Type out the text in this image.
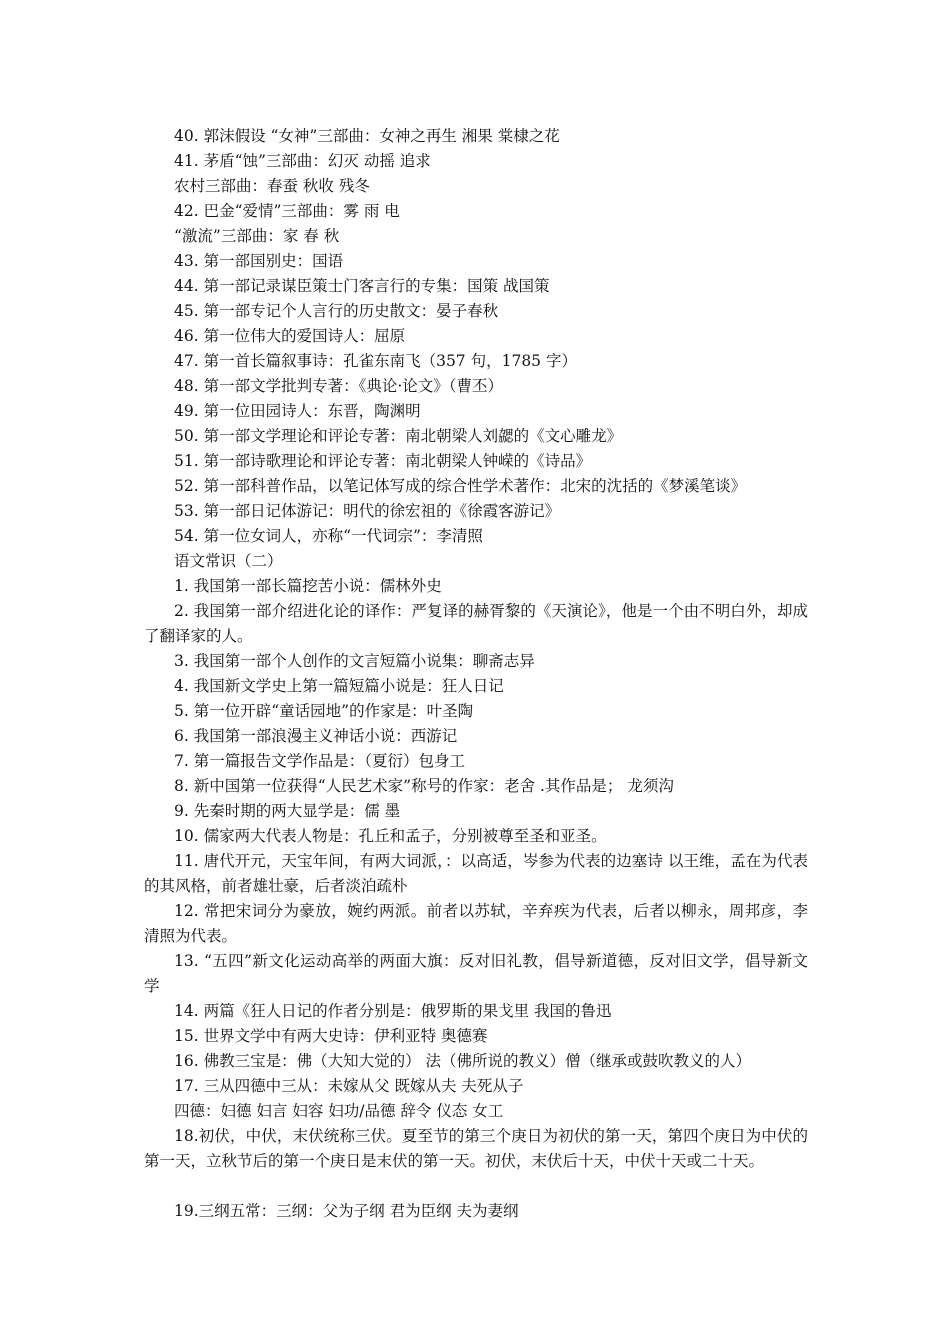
40. 郭沫假设 “女神”三部曲：女神之再生 湘果 棠棣之花
41. 茅盾“蚀”三部曲：幻灭 动摇 追求
农村三部曲：春蚕 秋收 残冬
42. 巴金“爱情”三部曲：雾 雨 电
“激流”三部曲：家 春 秋
43. 第一部国别史：国语
44. 第一部记录谋臣策士门客言行的专集：国策 战国策
45. 第一部专记个人言行的历史散文：晏子春秋
46. 第一位伟大的爱国诗人：屈原
47. 第一首长篇叙事诗：孔雀东南飞（357 句，1785 字）
48. 第一部文学批判专著：《典论·论文》（曹丕）
49. 第一位田园诗人：东晋，陶渊明
50. 第一部文学理论和评论专著：南北朝梁人刘勰的《文心雕龙》
51. 第一部诗歌理论和评论专著：南北朝梁人钟嵘的《诗品》
52. 第一部科普作品，以笔记体写成的综合性学术著作：北宋的沈括的《梦溪笔谈》
53. 第一部日记体游记：明代的徐宏祖的《徐霞客游记》
54. 第一位女词人，亦称“一代词宗”：李清照
语文常识（二）
1. 我国第一部长篇挖苦小说：儒林外史
2. 我国第一部介绍进化论的译作：严复译的赫胥黎的《天演论》，他是一个由不明白外，却成了翻译家的人。
3. 我国第一部个人创作的文言短篇小说集：聊斋志异
4. 我国新文学史上第一篇短篇小说是：狂人日记
5. 第一位开辟“童话园地”的作家是：叶圣陶
6. 我国第一部浪漫主义神话小说：西游记
7. 第一篇报告文学作品是：（夏衍）包身工
8. 新中国第一位获得“人民艺术家”称号的作家：老舍 .其作品是； 龙须沟
9. 先秦时期的两大显学是：儒 墨
10. 儒家两大代表人物是：孔丘和孟子，分别被尊至圣和亚圣。
11. 唐代开元，天宝年间，有两大词派，：以高适，岑参为代表的边塞诗 以王维，孟在为代表的其风格，前者雄壮豪，后者淡泊疏朴
12. 常把宋词分为豪放，婉约两派。前者以苏轼，辛弃疾为代表，后者以柳永，周邦彦，李清照为代表。
13. “五四”新文化运动高举的两面大旗：反对旧礼教，倡导新道德，反对旧文学，倡导新文学
14. 两篇《狂人日记的作者分别是：俄罗斯的果戈里 我国的鲁迅
15. 世界文学中有两大史诗：伊利亚特 奥德赛
16. 佛教三宝是：佛（大知大觉的） 法（佛所说的教义）僧（继承或鼓吹教义的人）
17. 三从四德中三从：未嫁从父 既嫁从夫 夫死从子
四德：妇德 妇言 妇容 妇功/品德 辞令 仪态 女工
18.初伏，中伏，末伏统称三伏。夏至节的第三个庚日为初伏的第一天，第四个庚日为中伏的第一天，立秋节后的第一个庚日是末伏的第一天。初伏，末伏后十天，中伏十天或二十天。
19.三纲五常：三纲：父为子纲 君为臣纲 夫为妻纲
